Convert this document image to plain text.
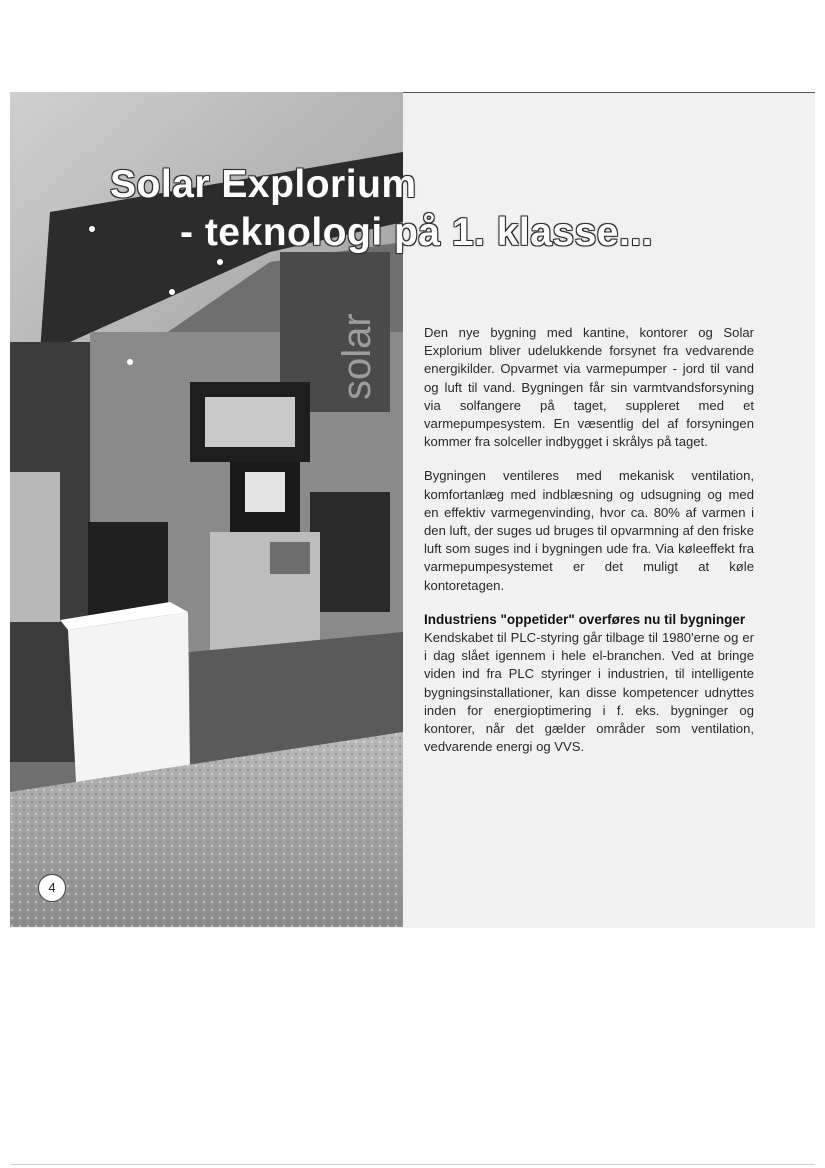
solar
Solar Explorium
- teknologi på 1. klasse...

Den nye bygning med kantine, kontorer og Solar Explorium bliver udelukkende forsynet fra vedvarende energikilder. Opvarmet via varmepumper - jord til vand og luft til vand. Bygningen får sin varmtvandsforsyning via solfangere på taget, suppleret med et varmepumpesystem. En væsentlig del af forsyningen kommer fra solceller indbygget i skrålys på taget.

Bygningen ventileres med mekanisk ventilation, komfortanlæg med indblæsning og udsugning og med en effektiv varmegenvinding, hvor ca. 80% af varmen i den luft, der suges ud bruges til opvarmning af den friske luft som suges ind i bygningen ude fra. Via køleeffekt fra varmepumpesystemet er det muligt at køle kontoretagen.

Industriens "oppetider" overføres nu til bygninger
Kendskabet til PLC-styring går tilbage til 1980'erne og er i dag slået igennem i hele el-branchen. Ved at bringe viden ind fra PLC styringer i industrien, til intelligente bygningsinstallationer, kan disse kompetencer udnyttes inden for energioptimering i f. eks. bygninger og kontorer, når det gælder områder som ventilation, vedvarende energi og VVS.

4
